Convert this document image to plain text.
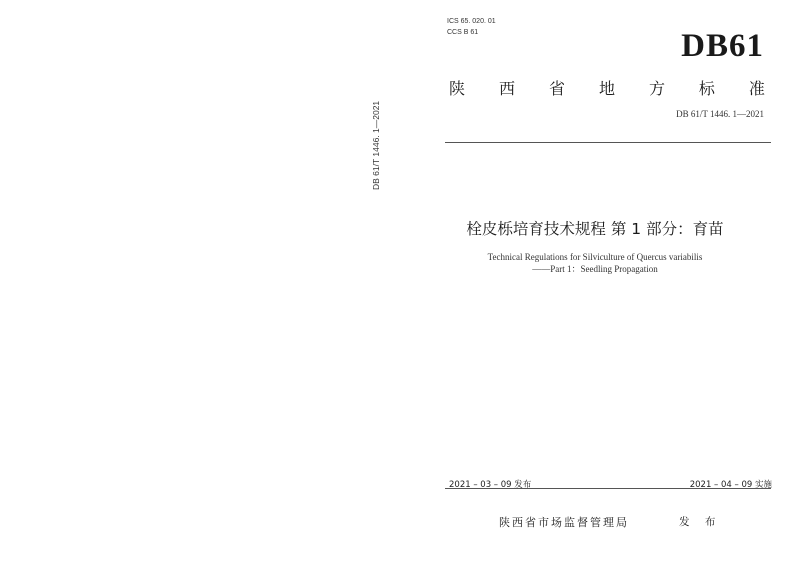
DB 61/T 1446. 1—2021
ICS 65. 020. 01
CCS B 61	DB61
陕 西 省 地 方 标 准
DB 61/T 1446. 1—2021
栓皮栎培育技术规程 第 1 部分：育苗
Technical Regulations for Silviculture of Quercus variabilis
——Part 1：Seedling Propagation
2021 – 03 – 09 发布	2021 – 04 – 09 实施
陕西省市场监督管理局	发 布
